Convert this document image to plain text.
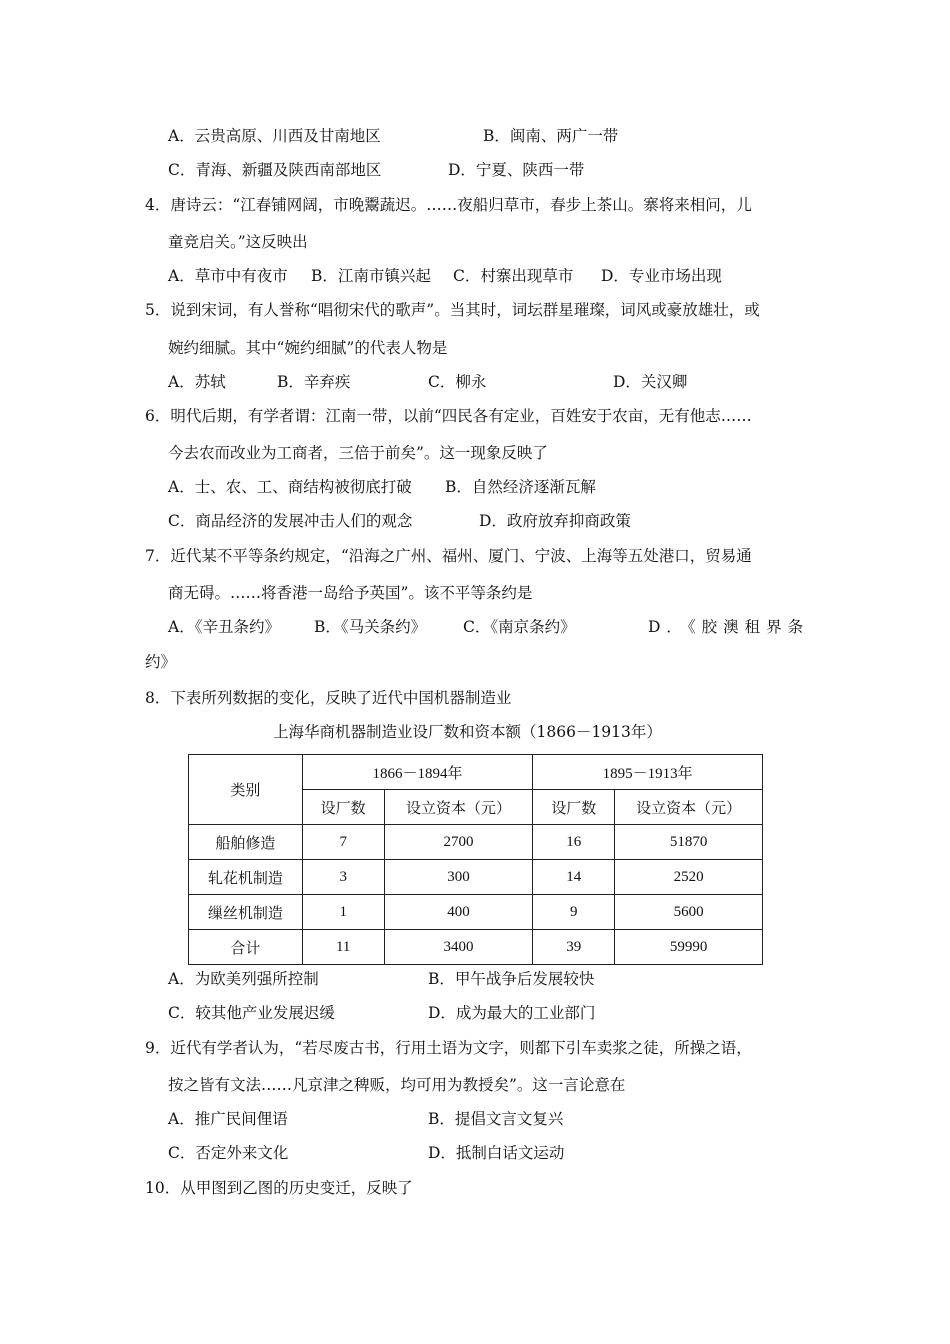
A．云贵高原、川西及甘南地区	B．闽南、两广一带
C．青海、新疆及陕西南部地区	D．宁夏、陕西一带
4．唐诗云：“江春铺网阔，市晚鬻蔬迟。……夜船归草市，春步上茶山。寨将来相问，儿
童竞启关。”这反映出
A．草市中有夜市 B．江南市镇兴起 C．村寨出现草市 D．专业市场出现
5．说到宋词，有人誉称“唱彻宋代的歌声”。当其时，词坛群星璀璨，词风或豪放雄壮，或
婉约细腻。其中“婉约细腻”的代表人物是
A．苏轼	B．辛弃疾	C．柳永	D．关汉卿
6．明代后期，有学者谓：江南一带，以前“四民各有定业，百姓安于农亩，无有他志……
今去农而改业为工商者，三倍于前矣”。这一现象反映了
A．士、农、工、商结构被彻底打破 B．自然经济逐渐瓦解
C．商品经济的发展冲击人们的观念	D．政府放弃抑商政策
7．近代某不平等条约规定，“沿海之广州、福州、厦门、宁波、上海等五处港口，贸易通
商无碍。……将香港一岛给予英国”。该不平等条约是
A．《辛丑条约》 B．《马关条约》 C．《南京条约》	D．《胶澳租界条
约》
8．下表所列数据的变化，反映了近代中国机器制造业
上海华商机器制造业设厂数和资本额（1866－1913年）
类别	1866－1894年		1895－1913年	
	设厂数	设立资本（元）	设厂数	设立资本（元）
船舶修造	7	2700	16	51870
轧花机制造	3	300	14	2520
缫丝机制造	1	400	9	5600
合计	11	3400	39	59990
A．为欧美列强所控制	B．甲午战争后发展较快
C．较其他产业发展迟缓	D．成为最大的工业部门
9．近代有学者认为，“若尽废古书，行用土语为文字，则都下引车卖浆之徒，所操之语，
按之皆有文法……凡京津之稗贩，均可用为教授矣”。这一言论意在
A．推广民间俚语	B．提倡文言文复兴
C．否定外来文化	D．抵制白话文运动
10．从甲图到乙图的历史变迁，反映了
